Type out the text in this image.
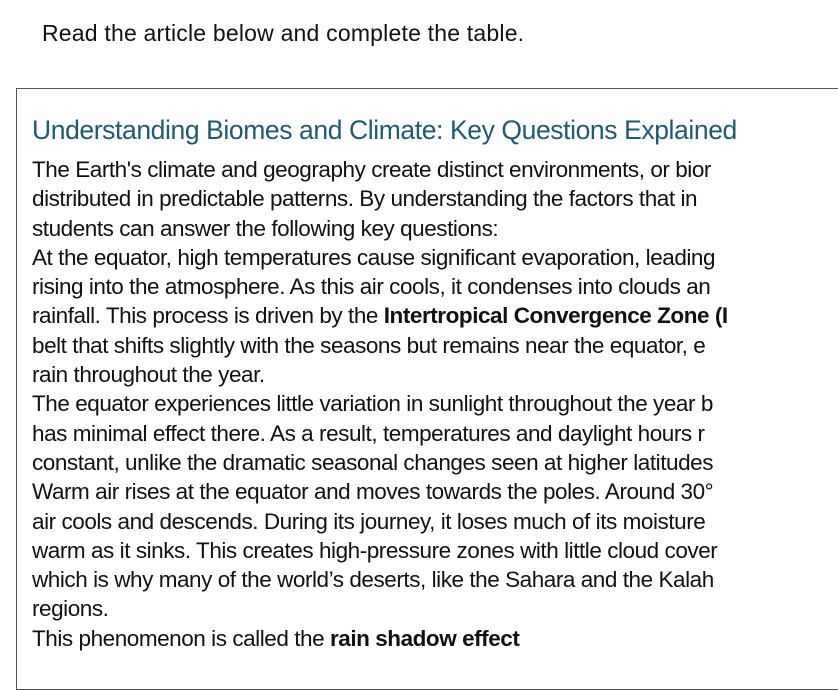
Read the article below and complete the table.
Understanding Biomes and Climate: Key Questions Explained
The Earth's climate and geography create distinct environments, or bior
distributed in predictable patterns. By understanding the factors that in
students can answer the following key questions:
At the equator, high temperatures cause significant evaporation, leading
rising into the atmosphere. As this air cools, it condenses into clouds an
rainfall. This process is driven by the Intertropical Convergence Zone (I
belt that shifts slightly with the seasons but remains near the equator, e
rain throughout the year.
The equator experiences little variation in sunlight throughout the year b
has minimal effect there. As a result, temperatures and daylight hours r
constant, unlike the dramatic seasonal changes seen at higher latitudes
Warm air rises at the equator and moves towards the poles. Around 30°
air cools and descends. During its journey, it loses much of its moisture
warm as it sinks. This creates high-pressure zones with little cloud cover
which is why many of the world’s deserts, like the Sahara and the Kalah
regions.
This phenomenon is called the rain shadow effect
